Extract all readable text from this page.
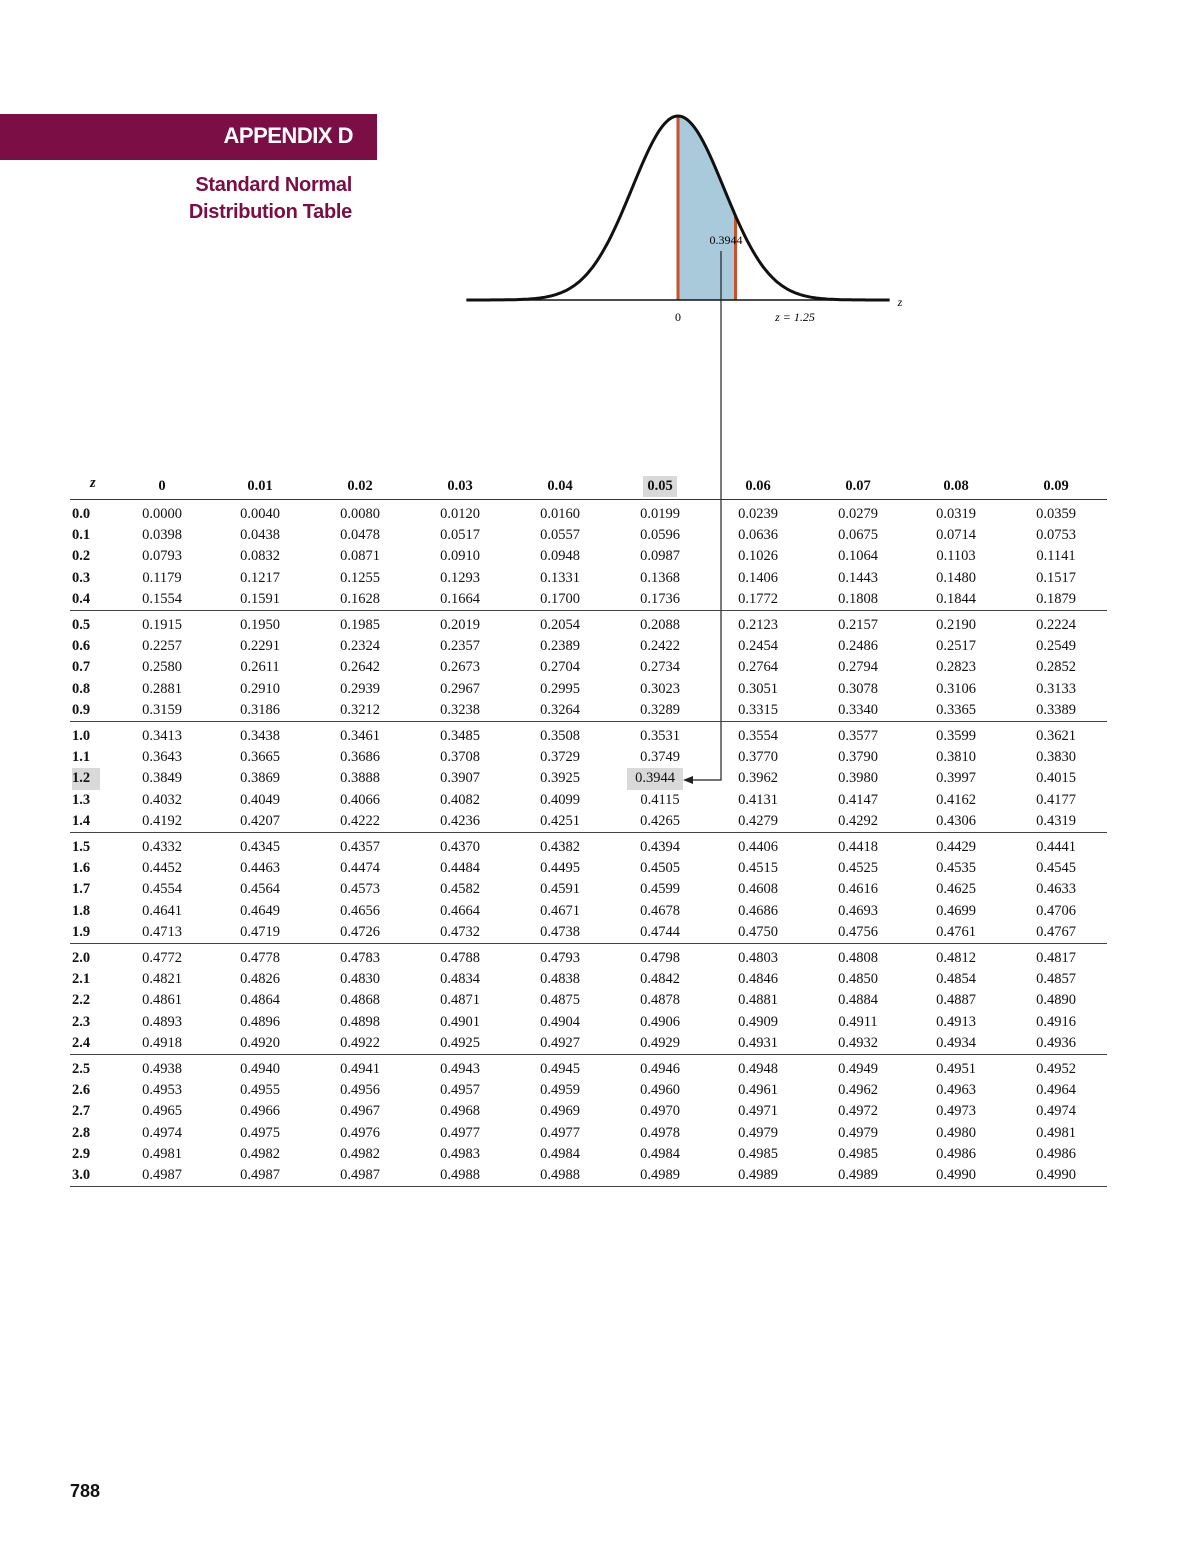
APPENDIX D
Standard Normal
Distribution Table
0.3944
0	z = 1.25
z
z	0	0.01	0.02	0.03	0.04	0.05	0.06	0.07	0.08	0.09
0.0	0.0000	0.0040	0.0080	0.0120	0.0160	0.0199	0.0239	0.0279	0.0319	0.0359
0.1	0.0398	0.0438	0.0478	0.0517	0.0557	0.0596	0.0636	0.0675	0.0714	0.0753
0.2	0.0793	0.0832	0.0871	0.0910	0.0948	0.0987	0.1026	0.1064	0.1103	0.1141
0.3	0.1179	0.1217	0.1255	0.1293	0.1331	0.1368	0.1406	0.1443	0.1480	0.1517
0.4	0.1554	0.1591	0.1628	0.1664	0.1700	0.1736	0.1772	0.1808	0.1844	0.1879
0.5	0.1915	0.1950	0.1985	0.2019	0.2054	0.2088	0.2123	0.2157	0.2190	0.2224
0.6	0.2257	0.2291	0.2324	0.2357	0.2389	0.2422	0.2454	0.2486	0.2517	0.2549
0.7	0.2580	0.2611	0.2642	0.2673	0.2704	0.2734	0.2764	0.2794	0.2823	0.2852
0.8	0.2881	0.2910	0.2939	0.2967	0.2995	0.3023	0.3051	0.3078	0.3106	0.3133
0.9	0.3159	0.3186	0.3212	0.3238	0.3264	0.3289	0.3315	0.3340	0.3365	0.3389
1.0	0.3413	0.3438	0.3461	0.3485	0.3508	0.3531	0.3554	0.3577	0.3599	0.3621
1.1	0.3643	0.3665	0.3686	0.3708	0.3729	0.3749	0.3770	0.3790	0.3810	0.3830
1.2	0.3849	0.3869	0.3888	0.3907	0.3925	0.3944	0.3962	0.3980	0.3997	0.4015
1.3	0.4032	0.4049	0.4066	0.4082	0.4099	0.4115	0.4131	0.4147	0.4162	0.4177
1.4	0.4192	0.4207	0.4222	0.4236	0.4251	0.4265	0.4279	0.4292	0.4306	0.4319
1.5	0.4332	0.4345	0.4357	0.4370	0.4382	0.4394	0.4406	0.4418	0.4429	0.4441
1.6	0.4452	0.4463	0.4474	0.4484	0.4495	0.4505	0.4515	0.4525	0.4535	0.4545
1.7	0.4554	0.4564	0.4573	0.4582	0.4591	0.4599	0.4608	0.4616	0.4625	0.4633
1.8	0.4641	0.4649	0.4656	0.4664	0.4671	0.4678	0.4686	0.4693	0.4699	0.4706
1.9	0.4713	0.4719	0.4726	0.4732	0.4738	0.4744	0.4750	0.4756	0.4761	0.4767
2.0	0.4772	0.4778	0.4783	0.4788	0.4793	0.4798	0.4803	0.4808	0.4812	0.4817
2.1	0.4821	0.4826	0.4830	0.4834	0.4838	0.4842	0.4846	0.4850	0.4854	0.4857
2.2	0.4861	0.4864	0.4868	0.4871	0.4875	0.4878	0.4881	0.4884	0.4887	0.4890
2.3	0.4893	0.4896	0.4898	0.4901	0.4904	0.4906	0.4909	0.4911	0.4913	0.4916
2.4	0.4918	0.4920	0.4922	0.4925	0.4927	0.4929	0.4931	0.4932	0.4934	0.4936
2.5	0.4938	0.4940	0.4941	0.4943	0.4945	0.4946	0.4948	0.4949	0.4951	0.4952
2.6	0.4953	0.4955	0.4956	0.4957	0.4959	0.4960	0.4961	0.4962	0.4963	0.4964
2.7	0.4965	0.4966	0.4967	0.4968	0.4969	0.4970	0.4971	0.4972	0.4973	0.4974
2.8	0.4974	0.4975	0.4976	0.4977	0.4977	0.4978	0.4979	0.4979	0.4980	0.4981
2.9	0.4981	0.4982	0.4982	0.4983	0.4984	0.4984	0.4985	0.4985	0.4986	0.4986
3.0	0.4987	0.4987	0.4987	0.4988	0.4988	0.4989	0.4989	0.4989	0.4990	0.4990
788
